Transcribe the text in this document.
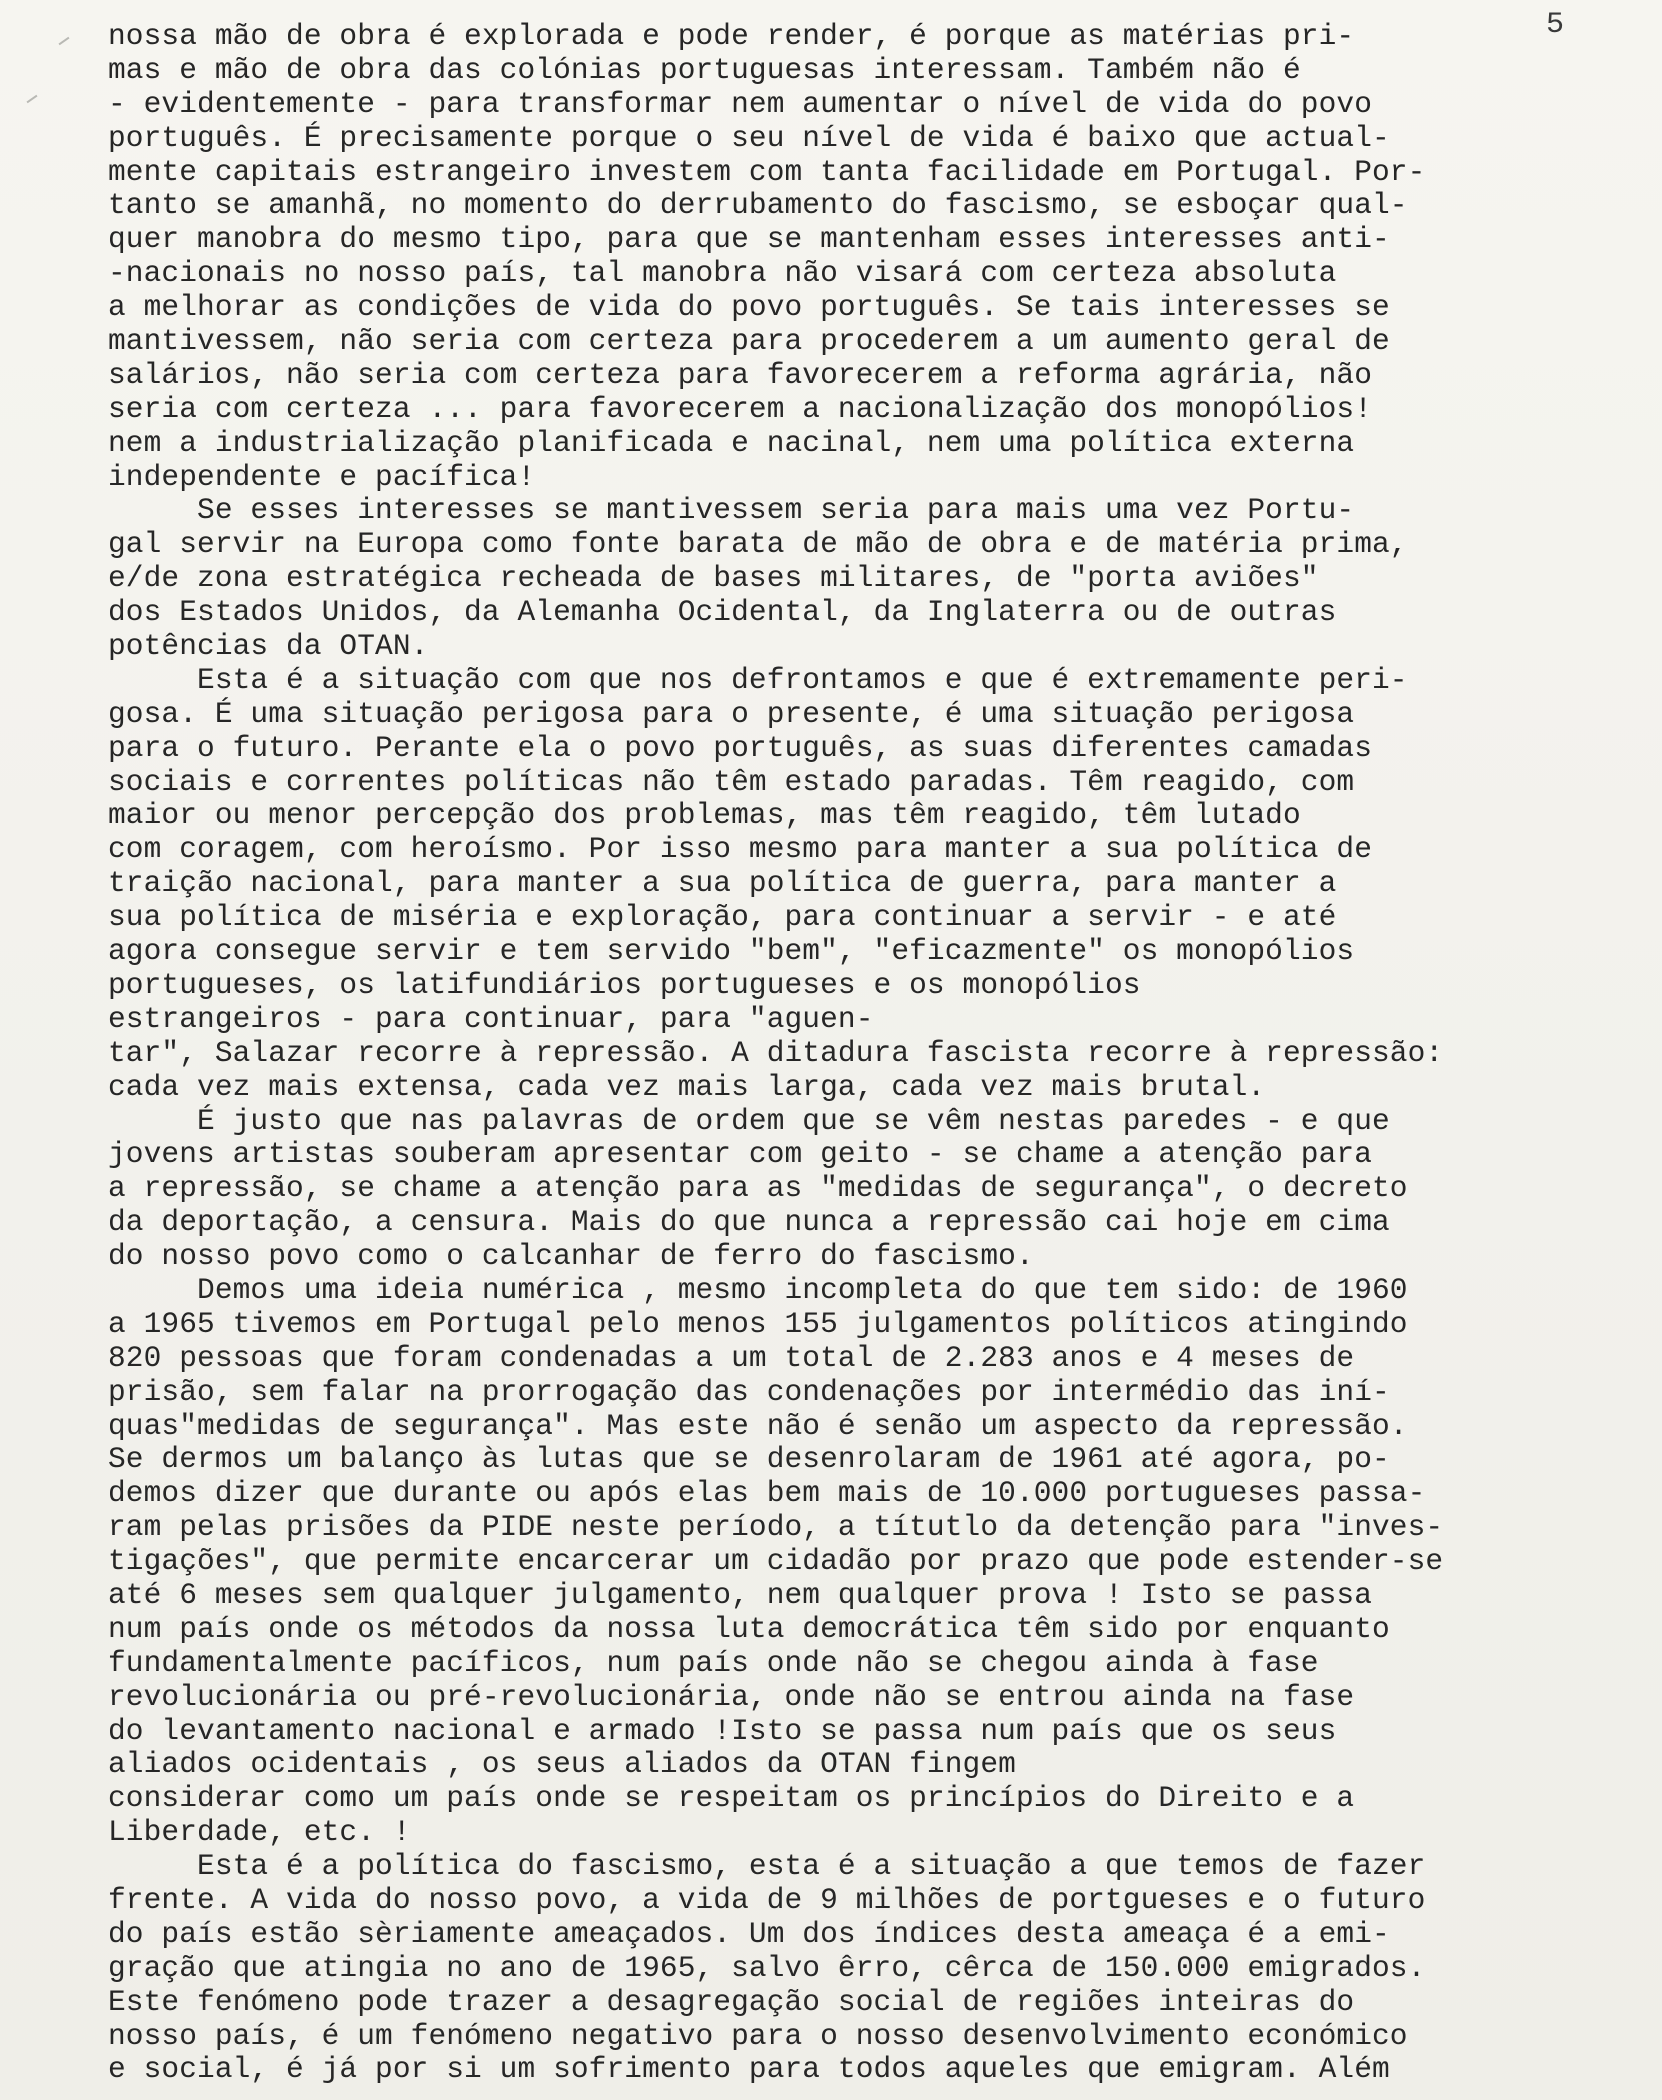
5
nossa mão de obra é explorada e pode render, é porque as matérias pri-
mas e mão de obra das colónias portuguesas interessam. Também não é
- evidentemente - para transformar nem aumentar o nível de vida do povo
português. É precisamente porque o seu nível de vida é baixo que actual-
mente capitais estrangeiro investem com tanta facilidade em Portugal. Por-
tanto se amanhã, no momento do derrubamento do fascismo, se esboçar qual-
quer manobra do mesmo tipo, para que se mantenham esses interesses anti-
-nacionais no nosso país, tal manobra não visará com certeza absoluta
a melhorar as condições de vida do povo português. Se tais interesses se
mantivessem, não seria com certeza para procederem a um aumento geral de
salários, não seria com certeza para favorecerem a reforma agrária, não
seria com certeza ... para favorecerem a nacionalização dos monopólios!
nem a industrialização planificada e nacinal, nem uma política externa
independente e pacífica!
Se esses interesses se mantivessem seria para mais uma vez Portu-
gal servir na Europa como fonte barata de mão de obra e de matéria prima,
e/de zona estratégica recheada de bases militares, de "porta aviões"
dos Estados Unidos, da Alemanha Ocidental, da Inglaterra ou de outras
potências da OTAN.
Esta é a situação com que nos defrontamos e que é extremamente peri-
gosa. É uma situação perigosa para o presente, é uma situação perigosa
para o futuro. Perante ela o povo português, as suas diferentes camadas
sociais e correntes políticas não têm estado paradas. Têm reagido, com
maior ou menor percepção dos problemas, mas têm reagido, têm lutado
com coragem, com heroísmo. Por isso mesmo para manter a sua política de
traição nacional, para manter a sua política de guerra, para manter a
sua política de miséria e exploração, para continuar a servir - e até
agora consegue servir e tem servido "bem", "eficazmente" os monopólios
portugueses, os latifundiários portugueses e os monopólios
estrangeiros - para continuar, para "aguen-
tar", Salazar recorre à repressão. A ditadura fascista recorre à repressão:
cada vez mais extensa, cada vez mais larga, cada vez mais brutal.
É justo que nas palavras de ordem que se vêm nestas paredes - e que
jovens artistas souberam apresentar com geito - se chame a atenção para
a repressão, se chame a atenção para as "medidas de segurança", o decreto
da deportação, a censura. Mais do que nunca a repressão cai hoje em cima
do nosso povo como o calcanhar de ferro do fascismo.
Demos uma ideia numérica , mesmo incompleta do que tem sido: de 1960
a 1965 tivemos em Portugal pelo menos 155 julgamentos políticos atingindo
820 pessoas que foram condenadas a um total de 2.283 anos e 4 meses de
prisão, sem falar na prorrogação das condenações por intermédio das iní-
quas"medidas de segurança". Mas este não é senão um aspecto da repressão.
Se dermos um balanço às lutas que se desenrolaram de 1961 até agora, po-
demos dizer que durante ou após elas bem mais de 10.000 portugueses passa-
ram pelas prisões da PIDE neste período, a títutlo da detenção para "inves-
tigações", que permite encarcerar um cidadão por prazo que pode estender-se
até 6 meses sem qualquer julgamento, nem qualquer prova ! Isto se passa
num país onde os métodos da nossa luta democrática têm sido por enquanto
fundamentalmente pacíficos, num país onde não se chegou ainda à fase
revolucionária ou pré-revolucionária, onde não se entrou ainda na fase
do levantamento nacional e armado !Isto se passa num país que os seus
aliados ocidentais , os seus aliados da OTAN fingem
considerar como um país onde se respeitam os princípios do Direito e a
Liberdade, etc. !
Esta é a política do fascismo, esta é a situação a que temos de fazer
frente. A vida do nosso povo, a vida de 9 milhões de portgueses e o futuro
do país estão sèriamente ameaçados. Um dos índices desta ameaça é a emi-
gração que atingia no ano de 1965, salvo êrro, cêrca de 150.000 emigrados.
Este fenómeno pode trazer a desagregação social de regiões inteiras do
nosso país, é um fenómeno negativo para o nosso desenvolvimento económico
e social, é já por si um sofrimento para todos aqueles que emigram. Além
